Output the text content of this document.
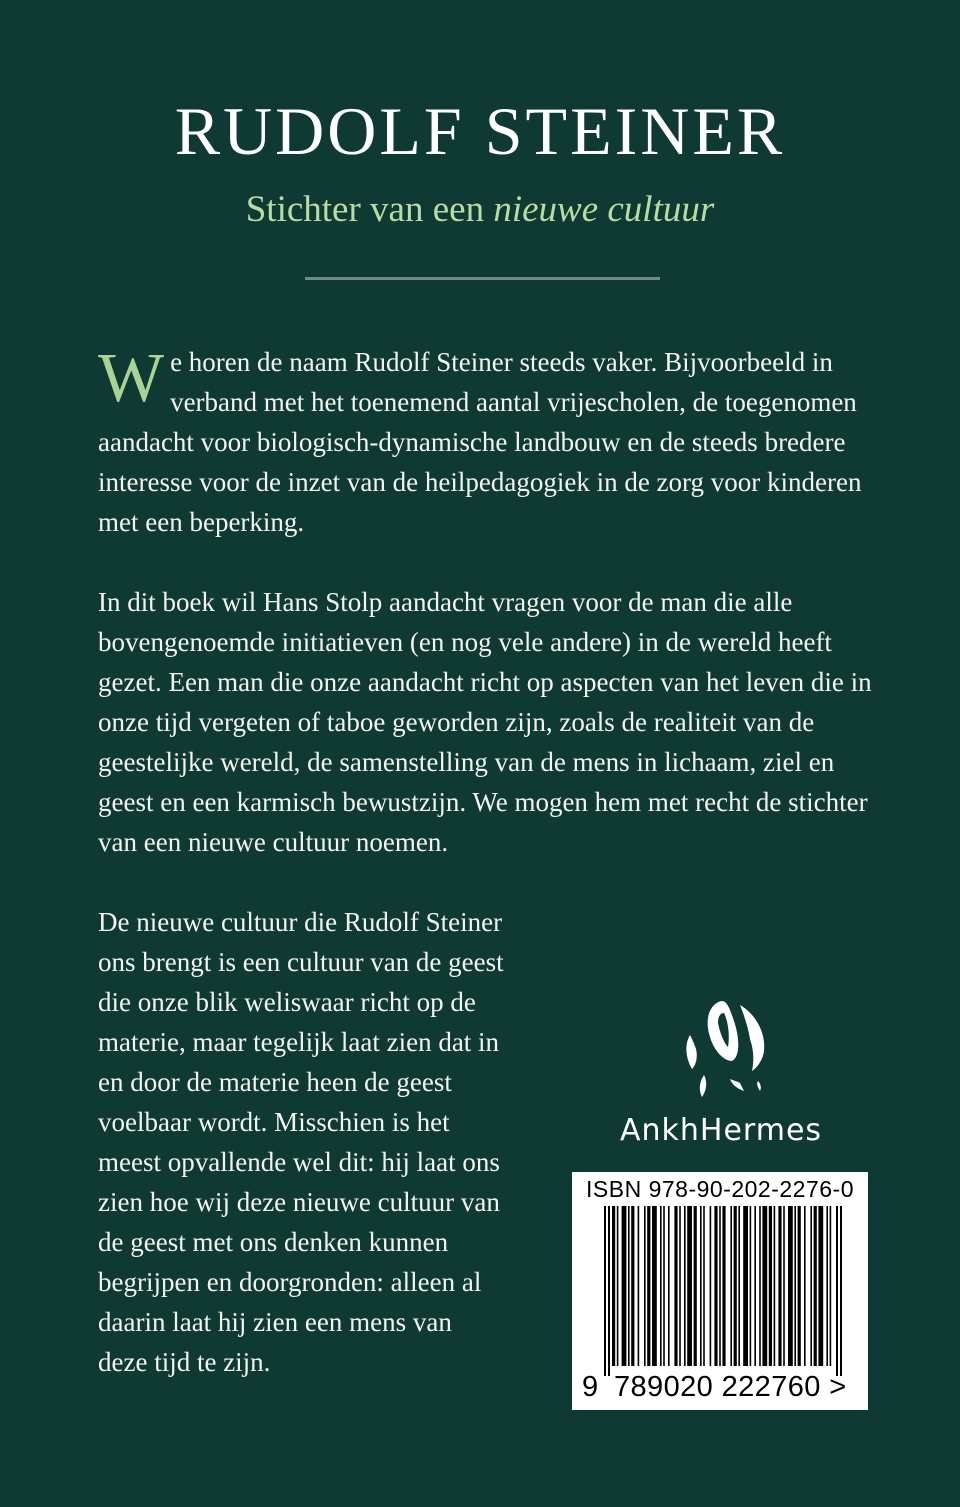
RUDOLF STEINER
Stichter van een nieuwe cultuur

We horen de naam Rudolf Steiner steeds vaker. Bijvoorbeeld in verband met het toenemend aantal vrijescholen, de toegenomen aandacht voor biologisch-dynamische landbouw en de steeds bredere interesse voor de inzet van de heilpedagogiek in de zorg voor kinderen met een beperking.

In dit boek wil Hans Stolp aandacht vragen voor de man die alle bovengenoemde initiatieven (en nog vele andere) in de wereld heeft gezet. Een man die onze aandacht richt op aspecten van het leven die in onze tijd vergeten of taboe geworden zijn, zoals de realiteit van de geestelijke wereld, de samenstelling van de mens in lichaam, ziel en geest en een karmisch bewustzijn. We mogen hem met recht de stichter van een nieuwe cultuur noemen.

De nieuwe cultuur die Rudolf Steiner ons brengt is een cultuur van de geest die onze blik weliswaar richt op de materie, maar tegelijk laat zien dat in en door de materie heen de geest voelbaar wordt. Misschien is het meest opvallende wel dit: hij laat ons zien hoe wij deze nieuwe cultuur van de geest met ons denken kunnen begrijpen en doorgronden: alleen al daarin laat hij zien een mens van deze tijd te zijn.

AnkhHermes
ISBN 978-90-202-2276-0
9 789020 222760 >
